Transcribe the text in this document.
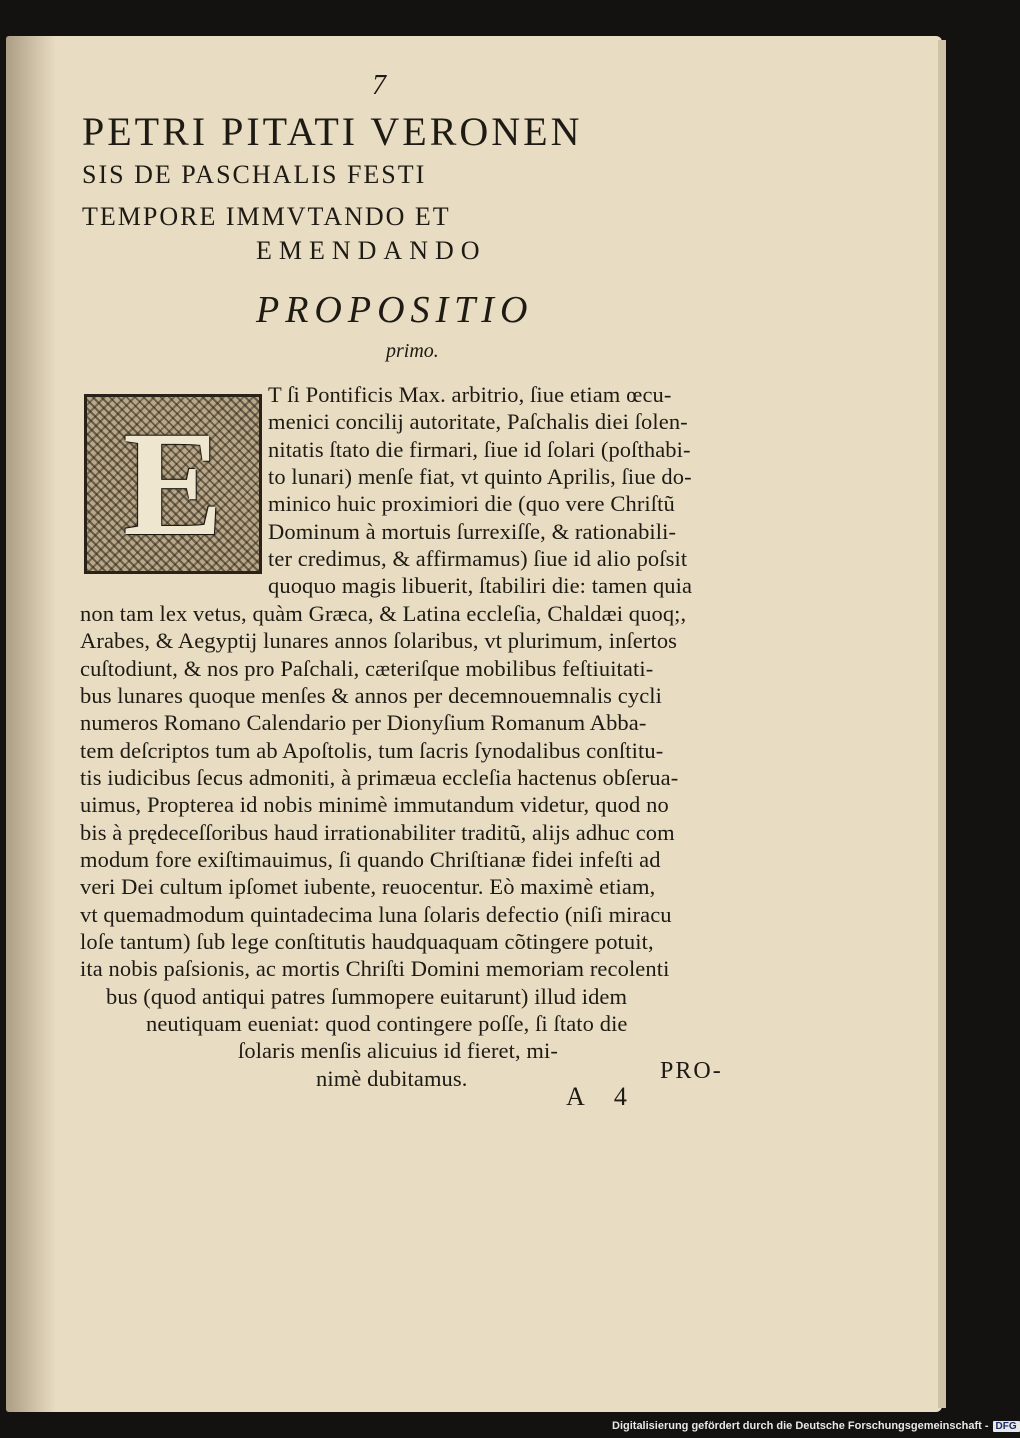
7
PETRI PITATI VERONEN
SIS DE PASCHALIS FESTI
TEMPORE IMMVTANDO ET
EMENDANDO
PROPOSITIO
primo.
E
T ſi Pontificis Max. arbitrio, ſiue etiam œcu-
menici concilij autoritate, Paſchalis diei ſolen-
nitatis ſtato die firmari, ſiue id ſolari (poſthabi-
to lunari) menſe fiat, vt quinto Aprilis, ſiue do-
minico huic proximiori die (quo vere Chriſtũ
Dominum à mortuis ſurrexiſſe, & rationabili-
ter credimus, & affirmamus) ſiue id alio poſsit
quoquo magis libuerit, ſtabiliri die: tamen quia
non tam lex vetus, quàm Græca, & Latina eccleſia, Chaldæi quoq;,
Arabes, & Aegyptij lunares annos ſolaribus, vt plurimum, inſertos
cuſtodiunt, & nos pro Paſchali, cæteriſque mobilibus feſtiuitati-
bus lunares quoque menſes & annos per decemnouemnalis cycli
numeros Romano Calendario per Dionyſium Romanum Abba-
tem deſcriptos tum ab Apoſtolis, tum ſacris ſynodalibus conſtitu-
tis iudicibus ſecus admoniti, à primæua eccleſia hactenus obſerua-
uimus, Propterea id nobis minimè immutandum videtur, quod no
bis à prędeceſſoribus haud irrationabiliter traditũ, alijs adhuc com
modum fore exiſtimauimus, ſi quando Chriſtianæ fidei infeſti ad
veri Dei cultum ipſomet iubente, reuocentur. Eò maximè etiam,
vt quemadmodum quintadecima luna ſolaris defectio (niſi miracu
loſe tantum) ſub lege conſtitutis haudquaquam cõtingere potuit,
ita nobis paſsionis, ac mortis Chriſti Domini memoriam recolenti
bus (quod antiqui patres ſummopere euitarunt) illud idem
neutiquam eueniat: quod contingere poſſe, ſi ſtato die
ſolaris menſis alicuius id fieret, mi-
nimè dubitamus.	PRO-
A 4
Digitalisierung gefördert durch die Deutsche Forschungsgemeinschaft - DFG
